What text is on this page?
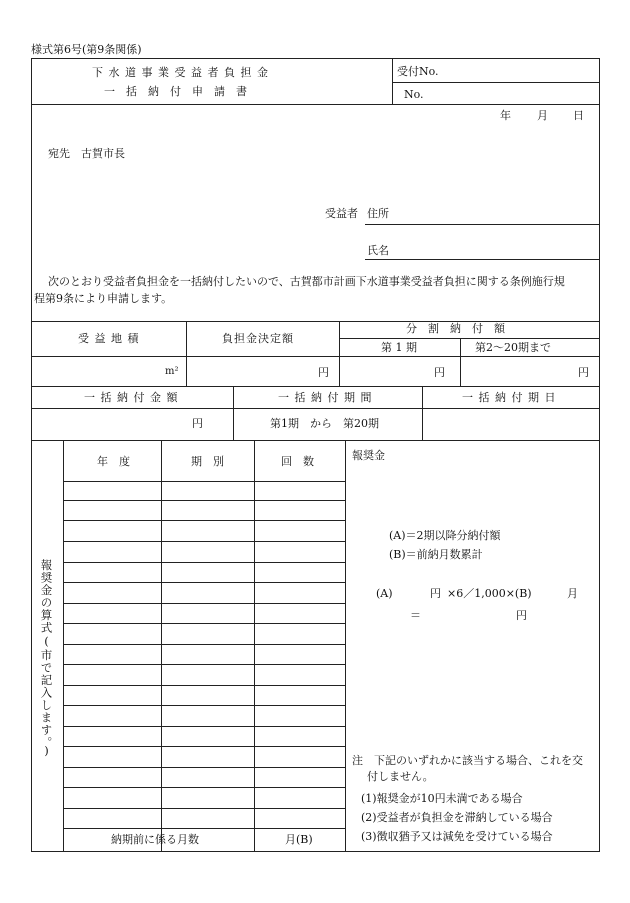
様式第6号(第9条関係)
下 水 道 事 業 受 益 者 負 担 金
一　括　納　付　申　請　書
受付No.
No.
年 月 日
宛先　古賀市長
受益者 住所
氏名
次のとおり受益者負担金を一括納付したいので、古賀都市計画下水道事業受益者負担に関する条例施行規
程第9条により申請します。
受 益 地 積	負担金決定額
分　割　納　付　額
第 1 期	第2～20期まで
m²	円	円	円
一 括 納 付 金 額	一 括 納 付 期 間	一 括 納 付 期 日
円	第1期　から　第20期
報奨金の算式(市で記入します。)
年　度	期　別	回　数
納期前に係る月数	月(B)
報奨金
(A)＝2期以降分納付額
(B)＝前納月数累計
(A)	円 ×6／1,000×(B)	月
＝	円
注　下記のいずれかに該当する場合、これを交
付しません。
(1)報奨金が10円未満である場合
(2)受益者が負担金を滞納している場合
(3)徴収猶予又は減免を受けている場合
